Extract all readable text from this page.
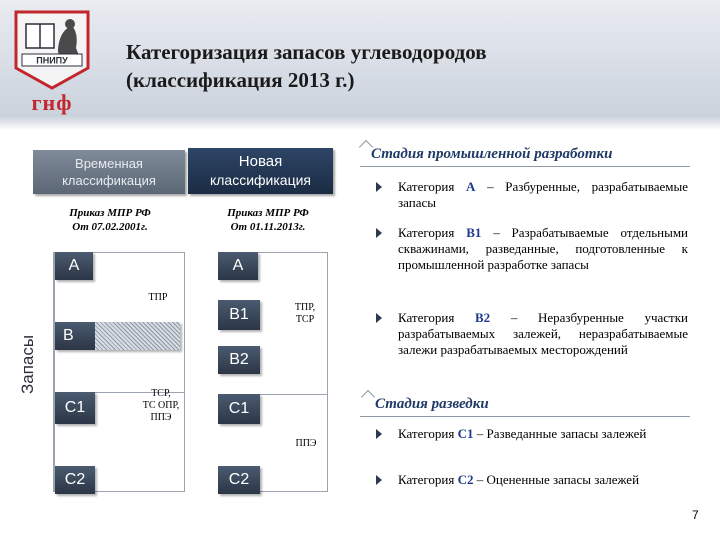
ПНИПУ
гнф
Категоризация запасов углеводородов
(классификация 2013 г.)
Временная
классификация
Новая
классификация
Приказ МПР РФ
От 07.02.2001г.
Приказ МПР РФ
От 01.11.2013г.
Запасы
А
В
С1
С2
А
В1
В2
С1
С2
ТПР
ТСР,
ТС ОПР,
ППЭ
ТПР,
ТСР
ППЭ
Стадия промышленной разработки
Категория А – Разбуренные, разрабатываемые запасы
Категория В1 – Разрабатываемые отдельными скважинами, разведанные, подготовленные к промышленной разработке запасы
Категория В2 – Неразбуренные участки разрабатываемых залежей, неразрабатываемые залежи разрабатываемых месторождений
Стадия разведки
Категория С1 – Разведанные запасы залежей
Категория С2 – Оцененные запасы залежей
7
